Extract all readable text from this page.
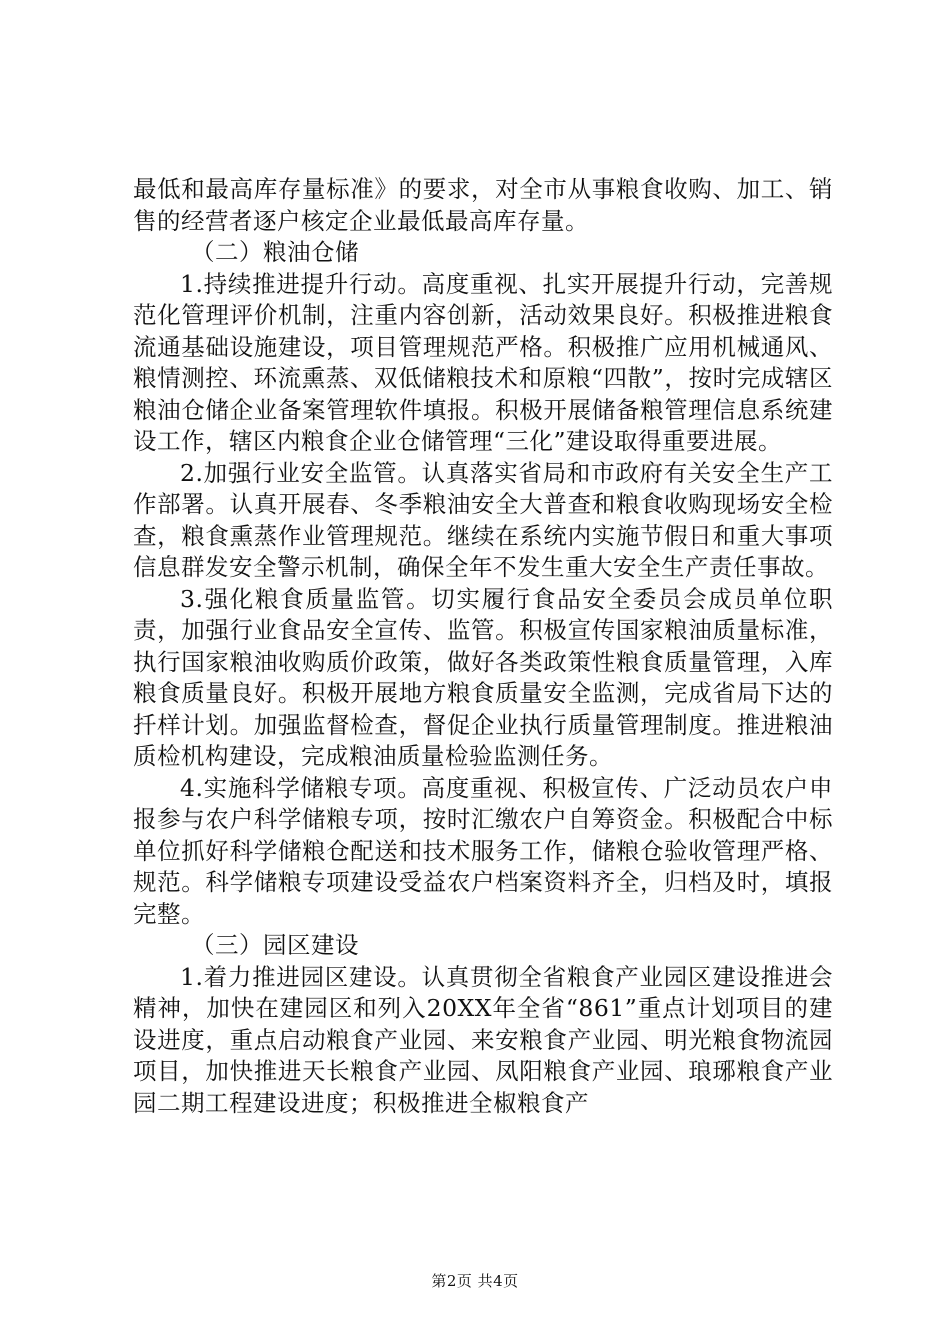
最低和最高库存量标准》的要求，对全市从事粮食收购、加工、销售的经营者逐户核定企业最低最高库存量。

（二）粮油仓储

1.持续推进提升行动。高度重视、扎实开展提升行动，完善规范化管理评价机制，注重内容创新，活动效果良好。积极推进粮食流通基础设施建设，项目管理规范严格。积极推广应用机械通风、粮情测控、环流熏蒸、双低储粮技术和原粮“四散”，按时完成辖区粮油仓储企业备案管理软件填报。积极开展储备粮管理信息系统建设工作，辖区内粮食企业仓储管理“三化”建设取得重要进展。

2.加强行业安全监管。认真落实省局和市政府有关安全生产工作部署。认真开展春、冬季粮油安全大普查和粮食收购现场安全检查，粮食熏蒸作业管理规范。继续在系统内实施节假日和重大事项信息群发安全警示机制，确保全年不发生重大安全生产责任事故。

3.强化粮食质量监管。切实履行食品安全委员会成员单位职责，加强行业食品安全宣传、监管。积极宣传国家粮油质量标准，执行国家粮油收购质价政策，做好各类政策性粮食质量管理，入库粮食质量良好。积极开展地方粮食质量安全监测，完成省局下达的扦样计划。加强监督检查，督促企业执行质量管理制度。推进粮油质检机构建设，完成粮油质量检验监测任务。

4.实施科学储粮专项。高度重视、积极宣传、广泛动员农户申报参与农户科学储粮专项，按时汇缴农户自筹资金。积极配合中标单位抓好科学储粮仓配送和技术服务工作，储粮仓验收管理严格、规范。科学储粮专项建设受益农户档案资料齐全，归档及时，填报完整。

（三）园区建设

1.着力推进园区建设。认真贯彻全省粮食产业园区建设推进会精神，加快在建园区和列入20XX年全省“861”重点计划项目的建设进度，重点启动粮食产业园、来安粮食产业园、明光粮食物流园项目，加快推进天长粮食产业园、凤阳粮食产业园、琅琊粮食产业园二期工程建设进度；积极推进全椒粮食产

第2页 共4页
